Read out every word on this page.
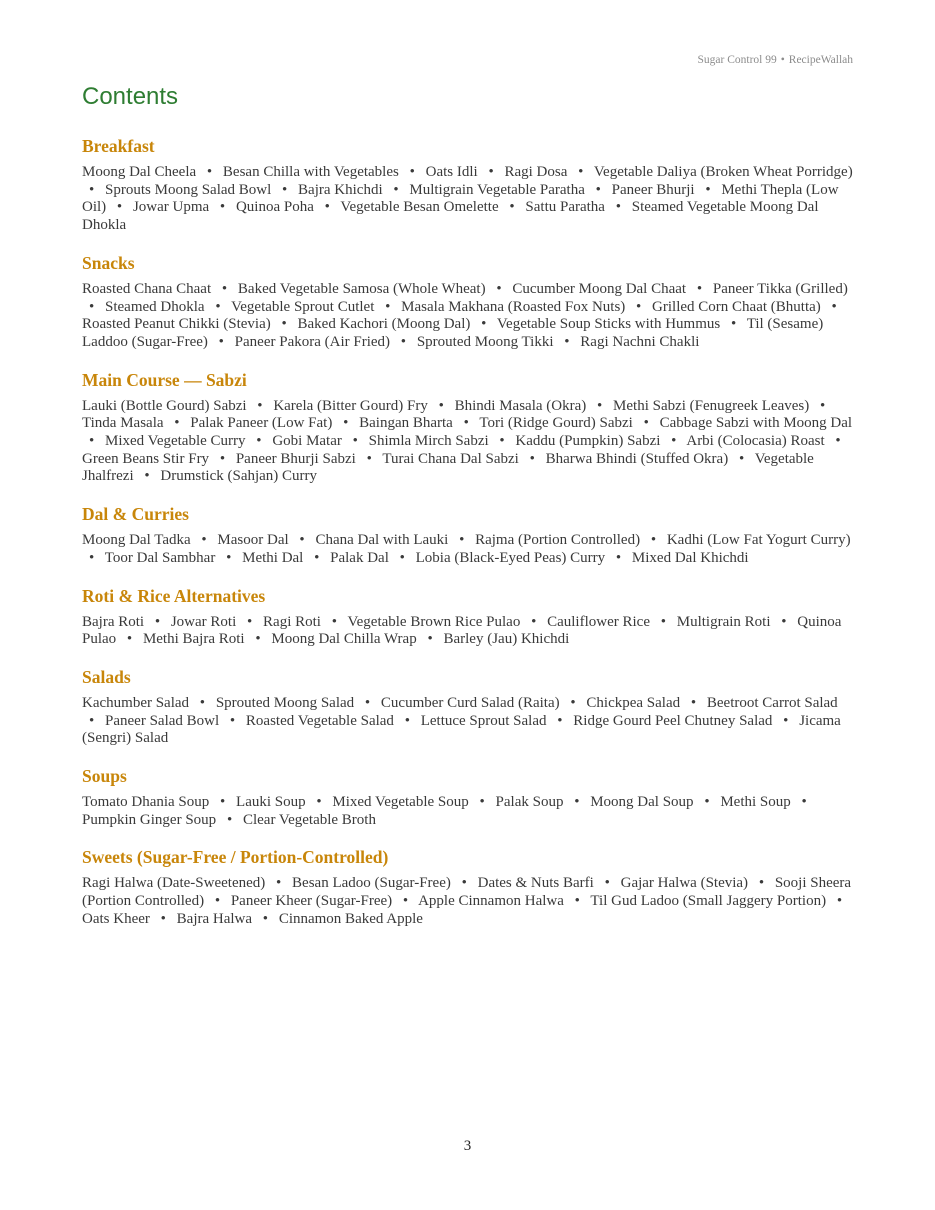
Sugar Control 99 • RecipeWallah
Contents
Breakfast

Moong Dal Cheela • Besan Chilla with Vegetables • Oats Idli • Ragi Dosa • Vegetable Daliya (Broken Wheat Porridge) • Sprouts Moong Salad Bowl • Bajra Khichdi • Multigrain Vegetable Paratha • Paneer Bhurji • Methi Thepla (Low Oil) • Jowar Upma • Quinoa Poha • Vegetable Besan Omelette • Sattu Paratha • Steamed Vegetable Moong Dal Dhokla

Snacks

Roasted Chana Chaat • Baked Vegetable Samosa (Whole Wheat) • Cucumber Moong Dal Chaat • Paneer Tikka (Grilled) • Steamed Dhokla • Vegetable Sprout Cutlet • Masala Makhana (Roasted Fox Nuts) • Grilled Corn Chaat (Bhutta) • Roasted Peanut Chikki (Stevia) • Baked Kachori (Moong Dal) • Vegetable Soup Sticks with Hummus • Til (Sesame) Laddoo (Sugar-Free) • Paneer Pakora (Air Fried) • Sprouted Moong Tikki • Ragi Nachni Chakli

Main Course — Sabzi

Lauki (Bottle Gourd) Sabzi • Karela (Bitter Gourd) Fry • Bhindi Masala (Okra) • Methi Sabzi (Fenugreek Leaves) • Tinda Masala • Palak Paneer (Low Fat) • Baingan Bharta • Tori (Ridge Gourd) Sabzi • Cabbage Sabzi with Moong Dal • Mixed Vegetable Curry • Gobi Matar • Shimla Mirch Sabzi • Kaddu (Pumpkin) Sabzi • Arbi (Colocasia) Roast • Green Beans Stir Fry • Paneer Bhurji Sabzi • Turai Chana Dal Sabzi • Bharwa Bhindi (Stuffed Okra) • Vegetable Jhalfrezi • Drumstick (Sahjan) Curry

Dal & Curries

Moong Dal Tadka • Masoor Dal • Chana Dal with Lauki • Rajma (Portion Controlled) • Kadhi (Low Fat Yogurt Curry) • Toor Dal Sambhar • Methi Dal • Palak Dal • Lobia (Black-Eyed Peas) Curry • Mixed Dal Khichdi

Roti & Rice Alternatives

Bajra Roti • Jowar Roti • Ragi Roti • Vegetable Brown Rice Pulao • Cauliflower Rice • Multigrain Roti • Quinoa Pulao • Methi Bajra Roti • Moong Dal Chilla Wrap • Barley (Jau) Khichdi

Salads

Kachumber Salad • Sprouted Moong Salad • Cucumber Curd Salad (Raita) • Chickpea Salad • Beetroot Carrot Salad • Paneer Salad Bowl • Roasted Vegetable Salad • Lettuce Sprout Salad • Ridge Gourd Peel Chutney Salad • Jicama (Sengri) Salad

Soups

Tomato Dhania Soup • Lauki Soup • Mixed Vegetable Soup • Palak Soup • Moong Dal Soup • Methi Soup • Pumpkin Ginger Soup • Clear Vegetable Broth

Sweets (Sugar-Free / Portion-Controlled)

Ragi Halwa (Date-Sweetened) • Besan Ladoo (Sugar-Free) • Dates & Nuts Barfi • Gajar Halwa (Stevia) • Sooji Sheera (Portion Controlled) • Paneer Kheer (Sugar-Free) • Apple Cinnamon Halwa • Til Gud Ladoo (Small Jaggery Portion) • Oats Kheer • Bajra Halwa • Cinnamon Baked Apple

3
